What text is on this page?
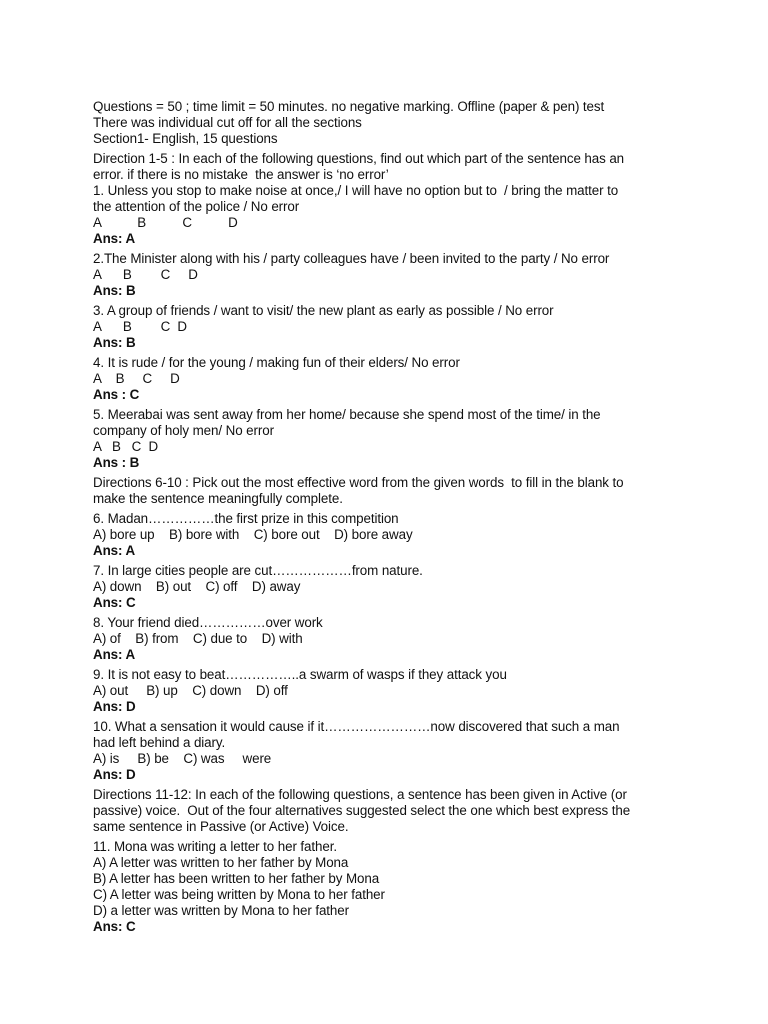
Questions = 50 ; time limit = 50 minutes. no negative marking. Offline (paper & pen) test
There was individual cut off for all the sections
Section1- English, 15 questions
Direction 1-5 : In each of the following questions, find out which part of the sentence has an
error. if there is no mistake  the answer is ‘no error’
1. Unless you stop to make noise at once,/ I will have no option but to  / bring the matter to
the attention of the police / No error
A          B          C          D
Ans: A
2.The Minister along with his / party colleagues have / been invited to the party / No error
A      B        C     D
Ans: B
3. A group of friends / want to visit/ the new plant as early as possible / No error
A      B        C  D
Ans: B
4. It is rude / for the young / making fun of their elders/ No error
A    B     C     D
Ans : C
5. Meerabai was sent away from her home/ because she spend most of the time/ in the
company of holy men/ No error
A   B   C  D
Ans : B
Directions 6-10 : Pick out the most effective word from the given words  to fill in the blank to
make the sentence meaningfully complete.
6. Madan……………the first prize in this competition
A) bore up    B) bore with    C) bore out    D) bore away
Ans: A
7. In large cities people are cut………………from nature.
A) down    B) out    C) off    D) away
Ans: C
8. Your friend died……………over work
A) of    B) from    C) due to    D) with
Ans: A
9. It is not easy to beat……………..a swarm of wasps if they attack you
A) out     B) up    C) down    D) off
Ans: D
10. What a sensation it would cause if it……………………now discovered that such a man
had left behind a diary.
A) is     B) be    C) was     were
Ans: D
Directions 11-12: In each of the following questions, a sentence has been given in Active (or
passive) voice.  Out of the four alternatives suggested select the one which best express the
same sentence in Passive (or Active) Voice.
11. Mona was writing a letter to her father.
A) A letter was written to her father by Mona
B) A letter has been written to her father by Mona
C) A letter was being written by Mona to her father
D) a letter was written by Mona to her father
Ans: C
